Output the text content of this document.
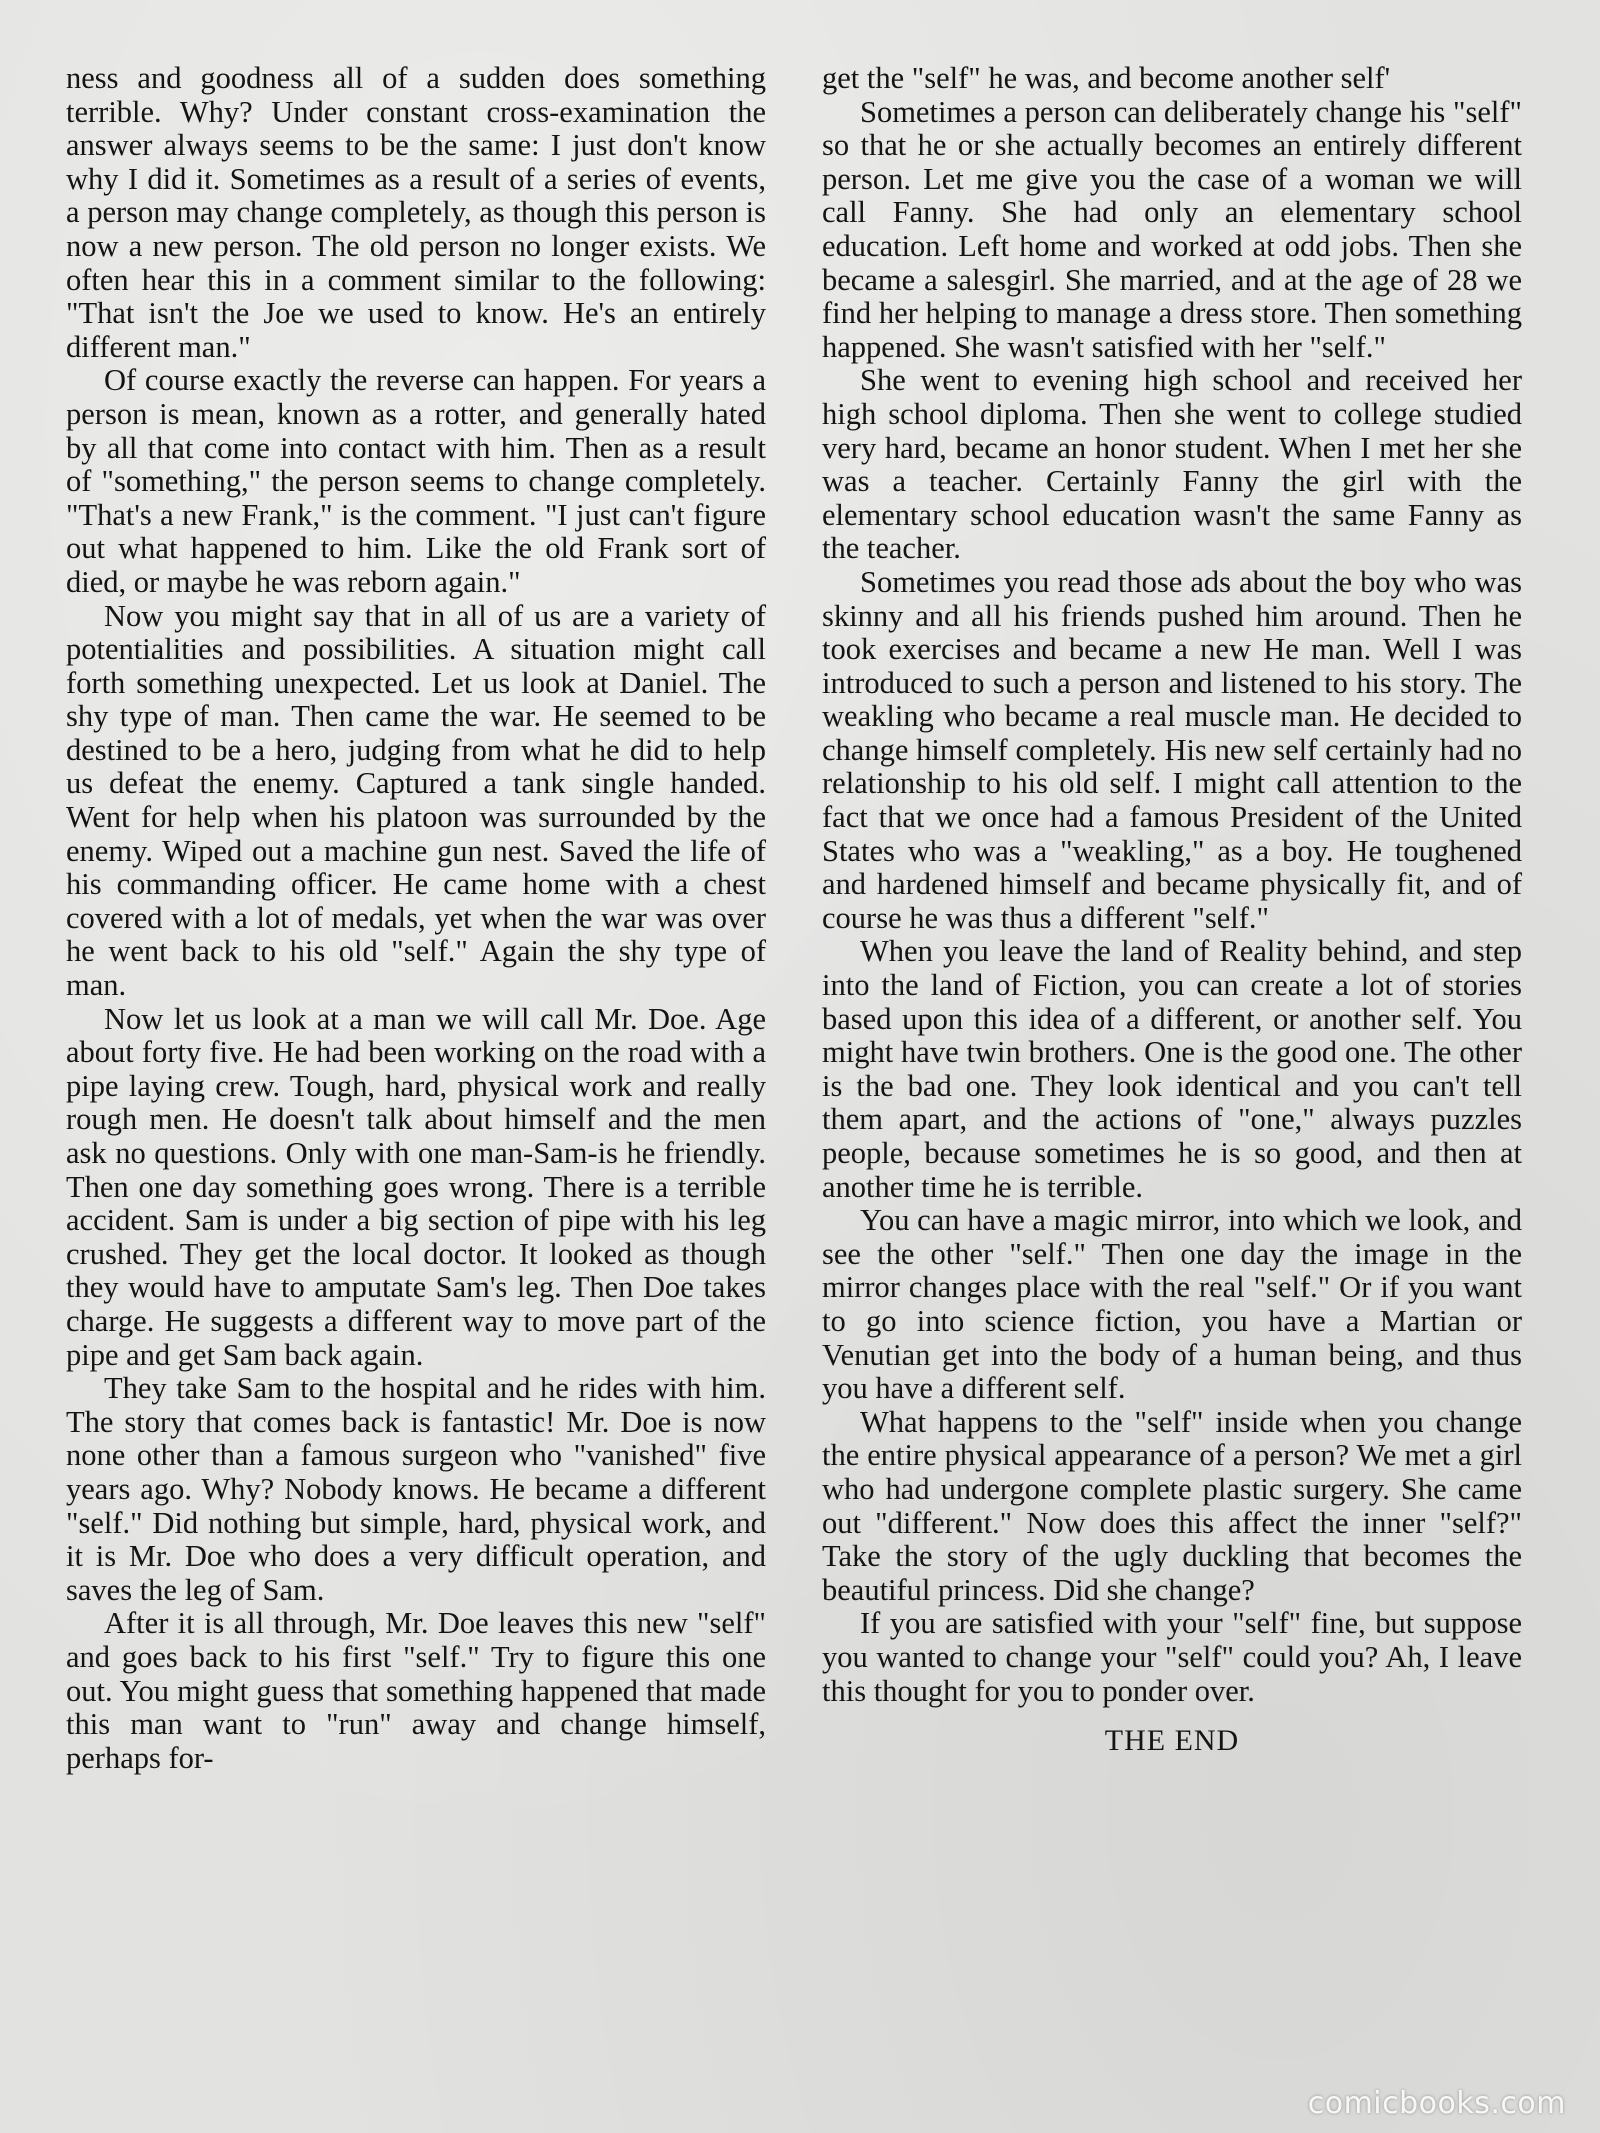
ness and goodness all of a sudden does something terrible. Why? Under constant cross-examination the answer always seems to be the same: I just don't know why I did it. Sometimes as a result of a series of events, a person may change completely, as though this person is now a new person. The old person no longer exists. We often hear this in a comment similar to the following: "That isn't the Joe we used to know. He's an entirely different man."

Of course exactly the reverse can happen. For years a person is mean, known as a rotter, and generally hated by all that come into contact with him. Then as a result of "something," the person seems to change completely. "That's a new Frank," is the comment. "I just can't figure out what happened to him. Like the old Frank sort of died, or maybe he was reborn again."

Now you might say that in all of us are a variety of potentialities and possibilities. A situation might call forth something unexpected. Let us look at Daniel. The shy type of man. Then came the war. He seemed to be destined to be a hero, judging from what he did to help us defeat the enemy. Captured a tank single handed. Went for help when his platoon was surrounded by the enemy. Wiped out a machine gun nest. Saved the life of his commanding officer. He came home with a chest covered with a lot of medals, yet when the war was over he went back to his old "self." Again the shy type of man.

Now let us look at a man we will call Mr. Doe. Age about forty five. He had been working on the road with a pipe laying crew. Tough, hard, physical work and really rough men. He doesn't talk about himself and the men ask no questions. Only with one man-Sam-is he friendly. Then one day something goes wrong. There is a terrible accident. Sam is under a big section of pipe with his leg crushed. They get the local doctor. It looked as though they would have to amputate Sam's leg. Then Doe takes charge. He suggests a different way to move part of the pipe and get Sam back again.

They take Sam to the hospital and he rides with him. The story that comes back is fantastic! Mr. Doe is now none other than a famous surgeon who "vanished" five years ago. Why? Nobody knows. He became a different "self." Did nothing but simple, hard, physical work, and it is Mr. Doe who does a very difficult operation, and saves the leg of Sam.

After it is all through, Mr. Doe leaves this new "self" and goes back to his first "self." Try to figure this one out. You might guess that something happened that made this man want to "run" away and change himself, perhaps for-

get the "self" he was, and become another self'

Sometimes a person can deliberately change his "self" so that he or she actually becomes an entirely different person. Let me give you the case of a woman we will call Fanny. She had only an elementary school education. Left home and worked at odd jobs. Then she became a salesgirl. She married, and at the age of 28 we find her helping to manage a dress store. Then something happened. She wasn't satisfied with her "self."

She went to evening high school and received her high school diploma. Then she went to college studied very hard, became an honor student. When I met her she was a teacher. Certainly Fanny the girl with the elementary school education wasn't the same Fanny as the teacher.

Sometimes you read those ads about the boy who was skinny and all his friends pushed him around. Then he took exercises and became a new He man. Well I was introduced to such a person and listened to his story. The weakling who became a real muscle man. He decided to change himself completely. His new self certainly had no relationship to his old self. I might call attention to the fact that we once had a famous President of the United States who was a "weakling," as a boy. He toughened and hardened himself and became physically fit, and of course he was thus a different "self."

When you leave the land of Reality behind, and step into the land of Fiction, you can create a lot of stories based upon this idea of a different, or another self. You might have twin brothers. One is the good one. The other is the bad one. They look identical and you can't tell them apart, and the actions of "one," always puzzles people, because sometimes he is so good, and then at another time he is terrible.

You can have a magic mirror, into which we look, and see the other "self." Then one day the image in the mirror changes place with the real "self." Or if you want to go into science fiction, you have a Martian or Venutian get into the body of a human being, and thus you have a different self.

What happens to the "self" inside when you change the entire physical appearance of a person? We met a girl who had undergone complete plastic surgery. She came out "different." Now does this affect the inner "self?" Take the story of the ugly duckling that becomes the beautiful princess. Did she change?

If you are satisfied with your "self" fine, but suppose you wanted to change your "self" could you? Ah, I leave this thought for you to ponder over.

THE END

comicbooks.com
